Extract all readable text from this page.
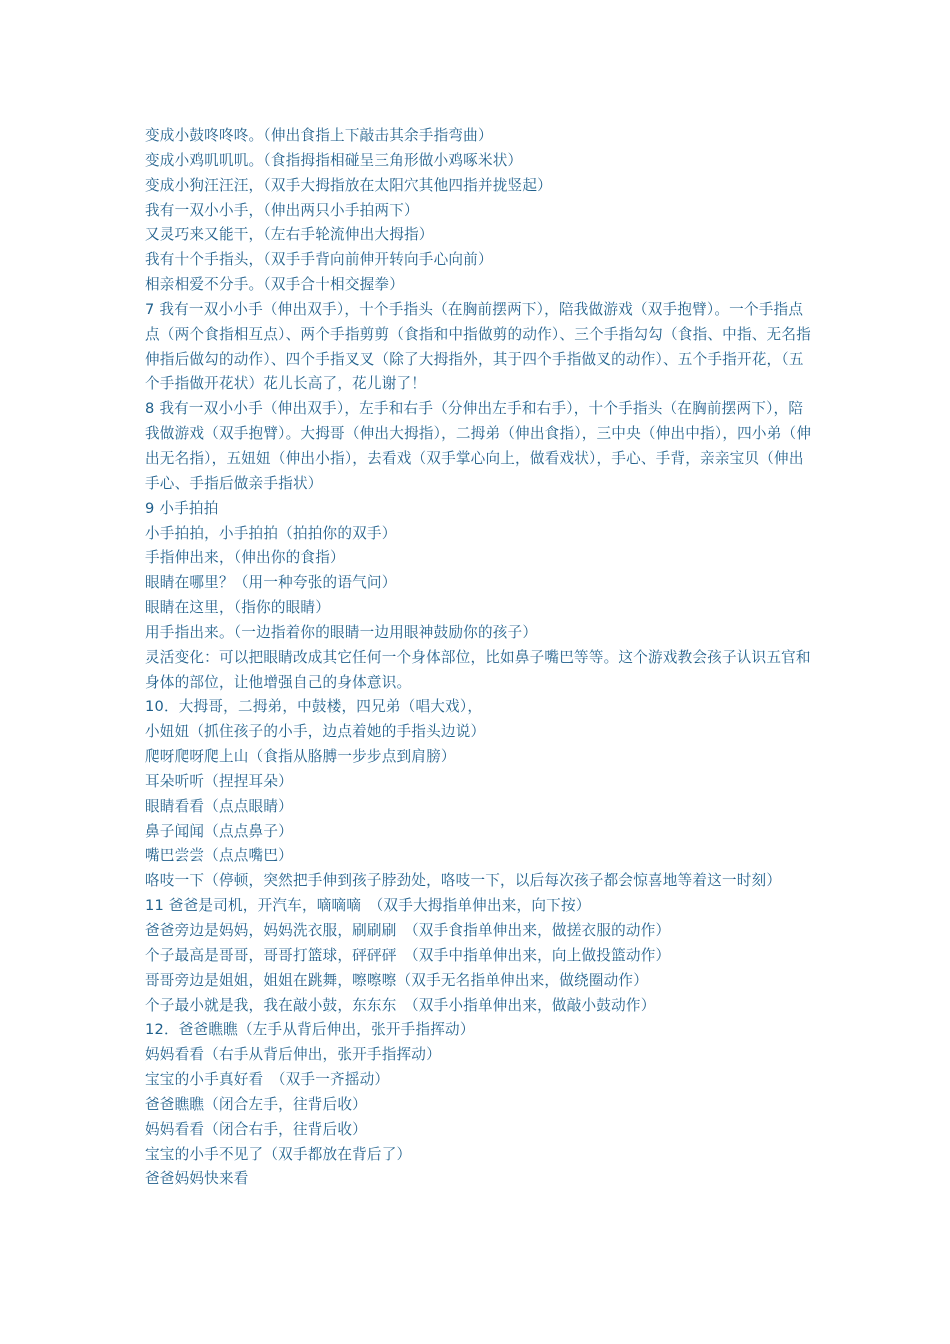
变成小鼓咚咚咚。（伸出食指上下敲击其余手指弯曲）

变成小鸡叽叽叽。（食指拇指相碰呈三角形做小鸡啄米状）

变成小狗汪汪汪，（双手大拇指放在太阳穴其他四指并拢竖起）

我有一双小小手，（伸出两只小手拍两下）

又灵巧来又能干，（左右手轮流伸出大拇指）

我有十个手指头，（双手手背向前伸开转向手心向前）

相亲相爱不分手。（双手合十相交握拳）

7 我有一双小小手（伸出双手），十个手指头（在胸前摆两下），陪我做游戏（双手抱臂）。一个手指点点（两个食指相互点）、两个手指剪剪（食指和中指做剪的动作）、三个手指勾勾（食指、中指、无名指伸指后做勾的动作）、四个手指叉叉（除了大拇指外，其于四个手指做叉的动作）、五个手指开花，（五个手指做开花状）花儿长高了，花儿谢了！

8 我有一双小小手（伸出双手），左手和右手（分伸出左手和右手），十个手指头（在胸前摆两下），陪我做游戏（双手抱臂）。大拇哥（伸出大拇指），二拇弟（伸出食指），三中央（伸出中指），四小弟（伸出无名指），五妞妞（伸出小指），去看戏（双手掌心向上，做看戏状），手心、手背，亲亲宝贝（伸出手心、手指后做亲手指状）

9 小手拍拍

小手拍拍，小手拍拍（拍拍你的双手）

手指伸出来，（伸出你的食指）

眼睛在哪里？（用一种夸张的语气问）

眼睛在这里，（指你的眼睛）

用手指出来。（一边指着你的眼睛一边用眼神鼓励你的孩子）

灵活变化：可以把眼睛改成其它任何一个身体部位，比如鼻子嘴巴等等。这个游戏教会孩子认识五官和身体的部位，让他增强自己的身体意识。

10．大拇哥，二拇弟，中鼓楼，四兄弟（唱大戏），

小妞妞（抓住孩子的小手，边点着她的手指头边说）

爬呀爬呀爬上山（食指从胳膊一步步点到肩膀）

耳朵听听（捏捏耳朵）

眼睛看看（点点眼睛）

鼻子闻闻（点点鼻子）

嘴巴尝尝（点点嘴巴）

咯吱一下（停顿，突然把手伸到孩子脖劲处，咯吱一下，以后每次孩子都会惊喜地等着这一时刻）

11 爸爸是司机，开汽车，嘀嘀嘀　（双手大拇指单伸出来，向下按）

爸爸旁边是妈妈，妈妈洗衣服，刷刷刷　（双手食指单伸出来，做搓衣服的动作）

个子最高是哥哥，哥哥打篮球，砰砰砰　（双手中指单伸出来，向上做投篮动作）

哥哥旁边是姐姐，姐姐在跳舞，嚓嚓嚓（双手无名指单伸出来，做绕圈动作）

个子最小就是我，我在敲小鼓，东东东　（双手小指单伸出来，做敲小鼓动作）

12．爸爸瞧瞧（左手从背后伸出，张开手指挥动）

妈妈看看（右手从背后伸出，张开手指挥动）

宝宝的小手真好看　（双手一齐摇动）

爸爸瞧瞧（闭合左手，往背后收）

妈妈看看（闭合右手，往背后收）

宝宝的小手不见了（双手都放在背后了）

爸爸妈妈快来看
